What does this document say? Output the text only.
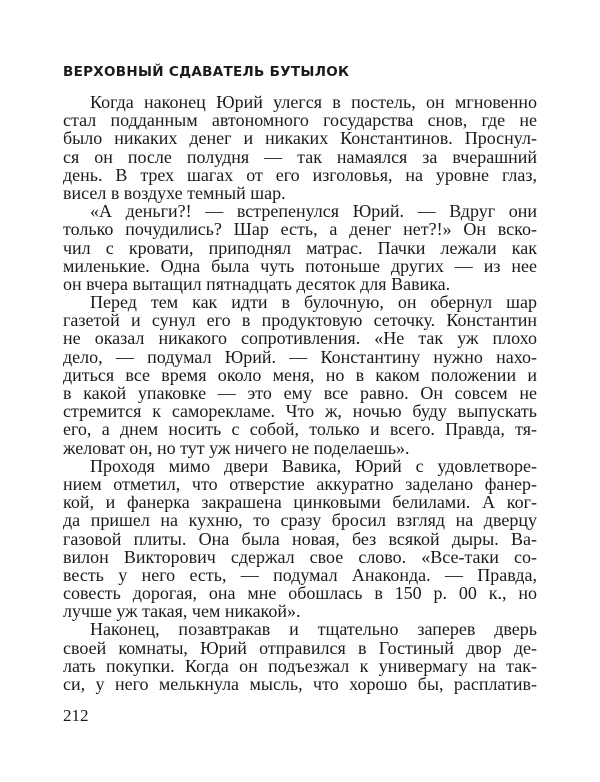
ВЕРХОВНЫЙ СДАВАТЕЛЬ БУТЫЛОК
Когда наконец Юрий улегся в постель, он мгновенно
стал подданным автономного государства снов, где не
было никаких денег и никаких Константинов. Проснул-
ся он после полудня — так намаялся за вчерашний
день. В трех шагах от его изголовья, на уровне глаз,
висел в воздухе темный шар.
«А деньги?! — встрепенулся Юрий. — Вдруг они
только почудились? Шар есть, а денег нет?!» Он вско-
чил с кровати, приподнял матрас. Пачки лежали как
миленькие. Одна была чуть потоньше других — из нее
он вчера вытащил пятнадцать десяток для Вавика.
Перед тем как идти в булочную, он обернул шар
газетой и сунул его в продуктовую сеточку. Константин
не оказал никакого сопротивления. «Не так уж плохо
дело, — подумал Юрий. — Константину нужно нахо-
диться все время около меня, но в каком положении и
в какой упаковке — это ему все равно. Он совсем не
стремится к саморекламе. Что ж, ночью буду выпускать
его, а днем носить с собой, только и всего. Правда, тя-
желоват он, но тут уж ничего не поделаешь».
Проходя мимо двери Вавика, Юрий с удовлетворе-
нием отметил, что отверстие аккуратно заделано фанер-
кой, и фанерка закрашена цинковыми белилами. А ког-
да пришел на кухню, то сразу бросил взгляд на дверцу
газовой плиты. Она была новая, без всякой дыры. Ва-
вилон Викторович сдержал свое слово. «Все-таки со-
весть у него есть, — подумал Анаконда. — Правда,
совесть дорогая, она мне обошлась в 150 р. 00 к., но
лучше уж такая, чем никакой».
Наконец, позавтракав и тщательно заперев дверь
своей комнаты, Юрий отправился в Гостиный двор де-
лать покупки. Когда он подъезжал к универмагу на так-
си, у него мелькнула мысль, что хорошо бы, расплатив-
212
